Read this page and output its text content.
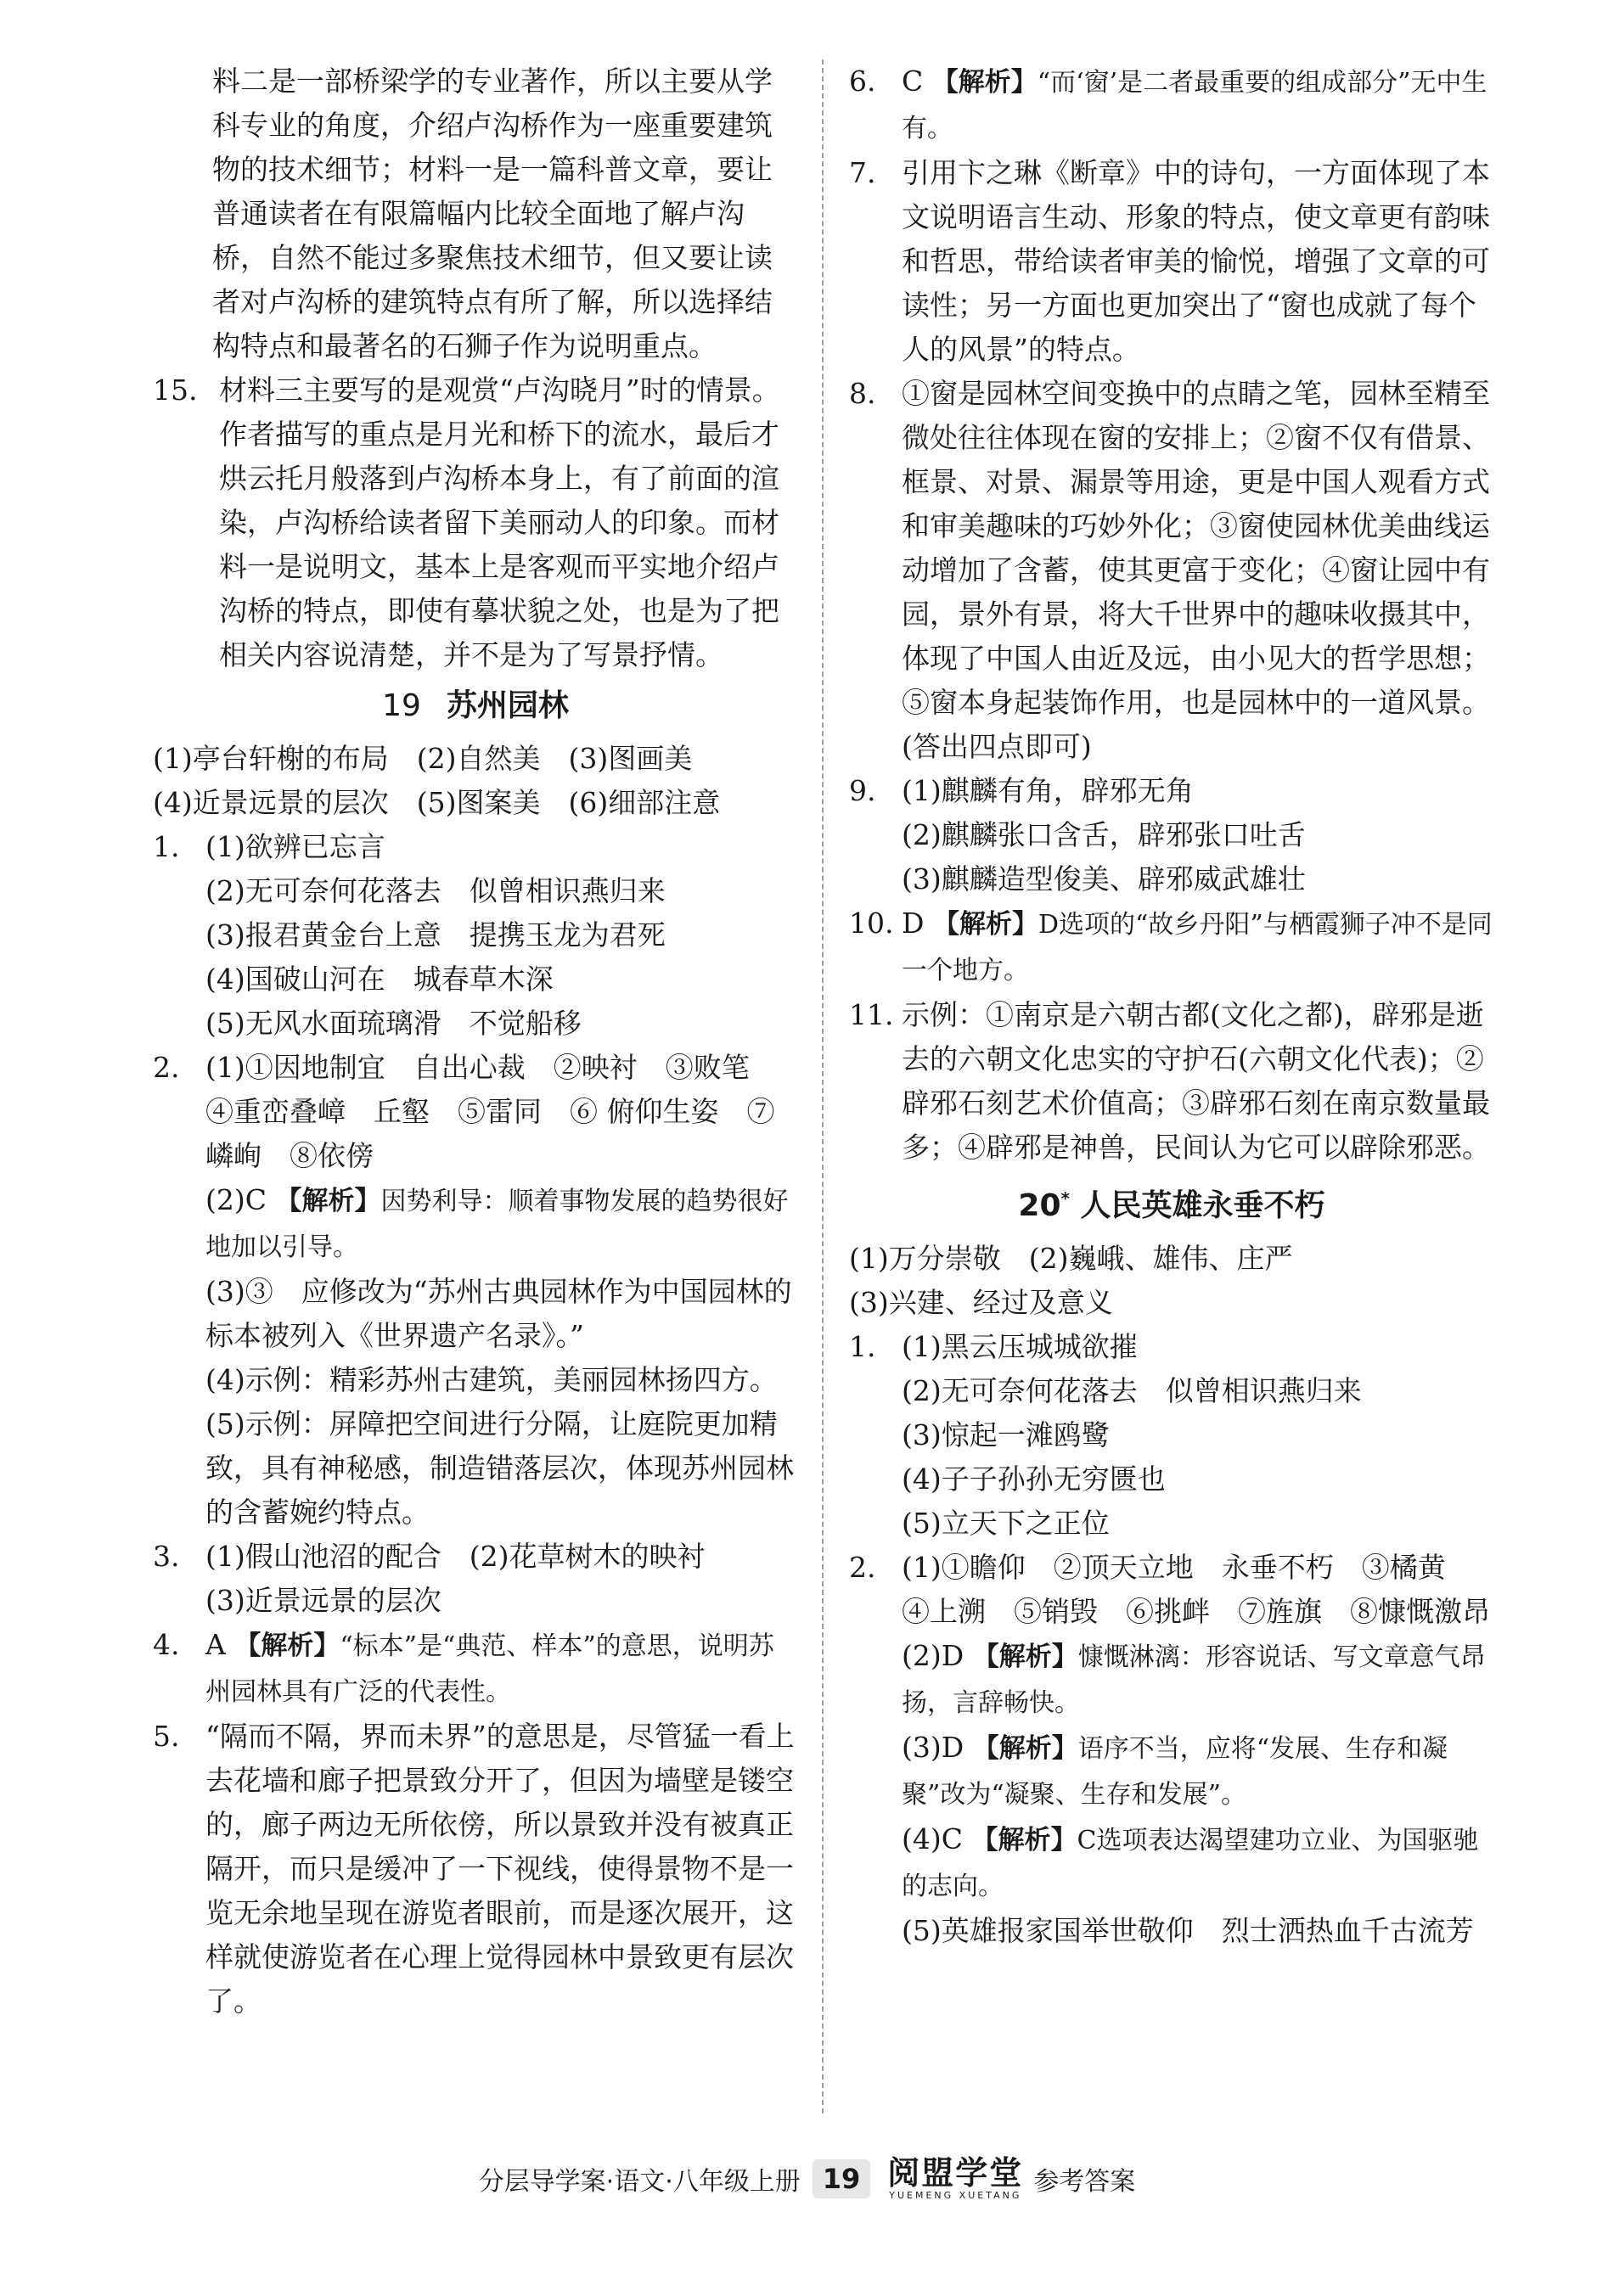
料二是一部桥梁学的专业著作，所以主要从学科专业的角度，介绍卢沟桥作为一座重要建筑物的技术细节；材料一是一篇科普文章，要让普通读者在有限篇幅内比较全面地了解卢沟桥，自然不能过多聚焦技术细节，但又要让读者对卢沟桥的建筑特点有所了解，所以选择结构特点和最著名的石狮子作为说明重点。
15. 材料三主要写的是观赏“卢沟晓月”时的情景。作者描写的重点是月光和桥下的流水，最后才烘云托月般落到卢沟桥本身上，有了前面的渲染，卢沟桥给读者留下美丽动人的印象。而材料一是说明文，基本上是客观而平实地介绍卢沟桥的特点，即使有摹状貌之处，也是为了把相关内容说清楚，并不是为了写景抒情。
19 苏州园林
(1)亭台轩榭的布局　(2)自然美　(3)图画美
(4)近景远景的层次　(5)图案美　(6)细部注意
1. (1)欲辨已忘言
(2)无可奈何花落去　似曾相识燕归来
(3)报君黄金台上意　提携玉龙为君死
(4)国破山河在　城春草木深
(5)无风水面琉璃滑　不觉船移
2. (1)①因地制宜　自出心裁　②映衬　③败笔　④重峦叠嶂　丘壑　⑤雷同　⑥ 俯仰生姿　⑦嶙峋　⑧依傍
(2)C 【解析】因势利导：顺着事物发展的趋势很好地加以引导。
(3)③　应修改为“苏州古典园林作为中国园林的标本被列入《世界遗产名录》。”
(4)示例：精彩苏州古建筑，美丽园林扬四方。
(5)示例：屏障把空间进行分隔，让庭院更加精致，具有神秘感，制造错落层次，体现苏州园林的含蓄婉约特点。
3. (1)假山池沼的配合　(2)花草树木的映衬
(3)近景远景的层次
4. A 【解析】“标本”是“典范、样本”的意思，说明苏州园林具有广泛的代表性。
5. “隔而不隔，界而未界”的意思是，尽管猛一看上去花墙和廊子把景致分开了，但因为墙壁是镂空的，廊子两边无所依傍，所以景致并没有被真正隔开，而只是缓冲了一下视线，使得景物不是一览无余地呈现在游览者眼前，而是逐次展开，这样就使游览者在心理上觉得园林中景致更有层次了。
6. C 【解析】“而‘窗’是二者最重要的组成部分”无中生有。
7. 引用卞之琳《断章》中的诗句，一方面体现了本文说明语言生动、形象的特点，使文章更有韵味和哲思，带给读者审美的愉悦，增强了文章的可读性；另一方面也更加突出了“窗也成就了每个人的风景”的特点。
8. ①窗是园林空间变换中的点睛之笔，园林至精至微处往往体现在窗的安排上；②窗不仅有借景、框景、对景、漏景等用途，更是中国人观看方式和审美趣味的巧妙外化；③窗使园林优美曲线运动增加了含蓄，使其更富于变化；④窗让园中有园，景外有景，将大千世界中的趣味收摄其中，体现了中国人由近及远，由小见大的哲学思想；⑤窗本身起装饰作用，也是园林中的一道风景。(答出四点即可)
9. (1)麒麟有角，辟邪无角
(2)麒麟张口含舌，辟邪张口吐舌
(3)麒麟造型俊美、辟邪威武雄壮
10. D 【解析】D选项的“故乡丹阳”与栖霞狮子冲不是同一个地方。
11. 示例：①南京是六朝古都(文化之都)，辟邪是逝去的六朝文化忠实的守护石(六朝文化代表)；②辟邪石刻艺术价值高；③辟邪石刻在南京数量最多；④辟邪是神兽，民间认为它可以辟除邪恶。
20* 人民英雄永垂不朽
(1)万分崇敬　(2)巍峨、雄伟、庄严
(3)兴建、经过及意义
1. (1)黑云压城城欲摧
(2)无可奈何花落去　似曾相识燕归来
(3)惊起一滩鸥鹭
(4)子子孙孙无穷匮也
(5)立天下之正位
2. (1)①瞻仰　②顶天立地　永垂不朽　③橘黄　④上溯　⑤销毁　⑥挑衅　⑦旌旗　⑧慷慨激昂
(2)D 【解析】慷慨淋漓：形容说话、写文章意气昂扬，言辞畅快。
(3)D 【解析】语序不当，应将“发展、生存和凝聚”改为“凝聚、生存和发展”。
(4)C 【解析】C选项表达渴望建功立业、为国驱驰的志向。
(5)英雄报家国举世敬仰　烈士洒热血千古流芳
分层导学案·语文·八年级上册 19 阅盟学堂
YUEMENG XUETANG 参考答案
